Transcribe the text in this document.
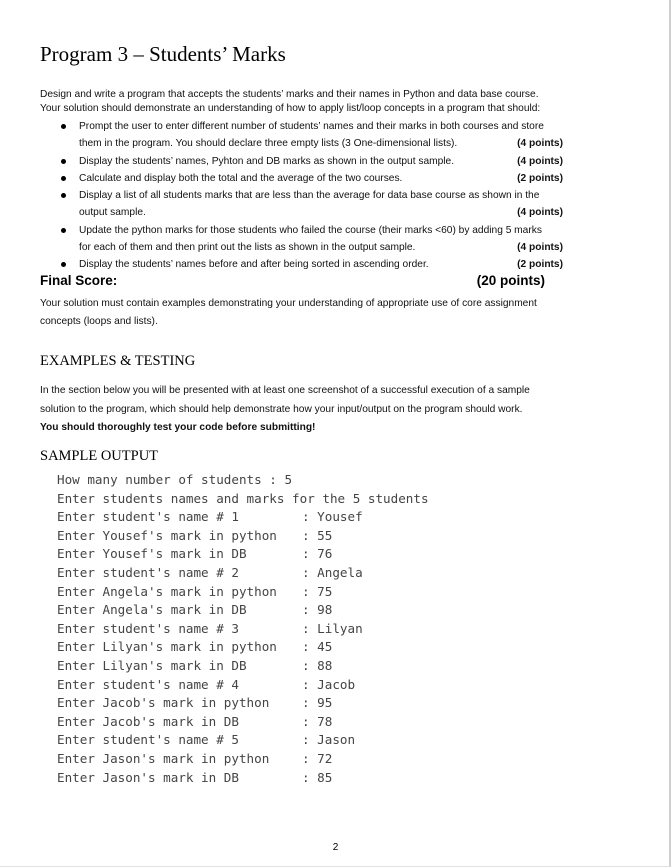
Program 3 – Students’ Marks
Design and write a program that accepts the students’ marks and their names in Python and data base course.
Your solution should demonstrate an understanding of how to apply list/loop concepts in a program that should:
Prompt the user to enter different number of students’ names and their marks in both courses and store
them in the program. You should declare three empty lists (3 One-dimensional lists).	(4 points)
Display the students’ names, Pyhton and DB marks as shown in the output sample.	(4 points)
Calculate and display both the total and the average of the two courses.	(2 points)
Display a list of all students marks that are less than the average for data base course as shown in the
output sample.	(4 points)
Update the python marks for those students who failed the course (their marks <60) by adding 5 marks
for each of them and then print out the lists as shown in the output sample.	(4 points)
Display the students’ names before and after being sorted in ascending order.	(2 points)
Final Score:	(20 points)
Your solution must contain examples demonstrating your understanding of appropriate use of core assignment
concepts (loops and lists).
EXAMPLES & TESTING
In the section below you will be presented with at least one screenshot of a successful execution of a sample
solution to the program, which should help demonstrate how your input/output on the program should work.
You should thoroughly test your code before submitting!
SAMPLE OUTPUT
How many number of students : 5
Enter students names and marks for the 5 students
Enter student's name # 1	: Yousef
Enter Yousef's mark in python	: 55
Enter Yousef's mark in DB	: 76
Enter student's name # 2	: Angela
Enter Angela's mark in python	: 75
Enter Angela's mark in DB	: 98
Enter student's name # 3	: Lilyan
Enter Lilyan's mark in python	: 45
Enter Lilyan's mark in DB	: 88
Enter student's name # 4	: Jacob
Enter Jacob's mark in python	: 95
Enter Jacob's mark in DB	: 78
Enter student's name # 5	: Jason
Enter Jason's mark in python	: 72
Enter Jason's mark in DB	: 85
2
